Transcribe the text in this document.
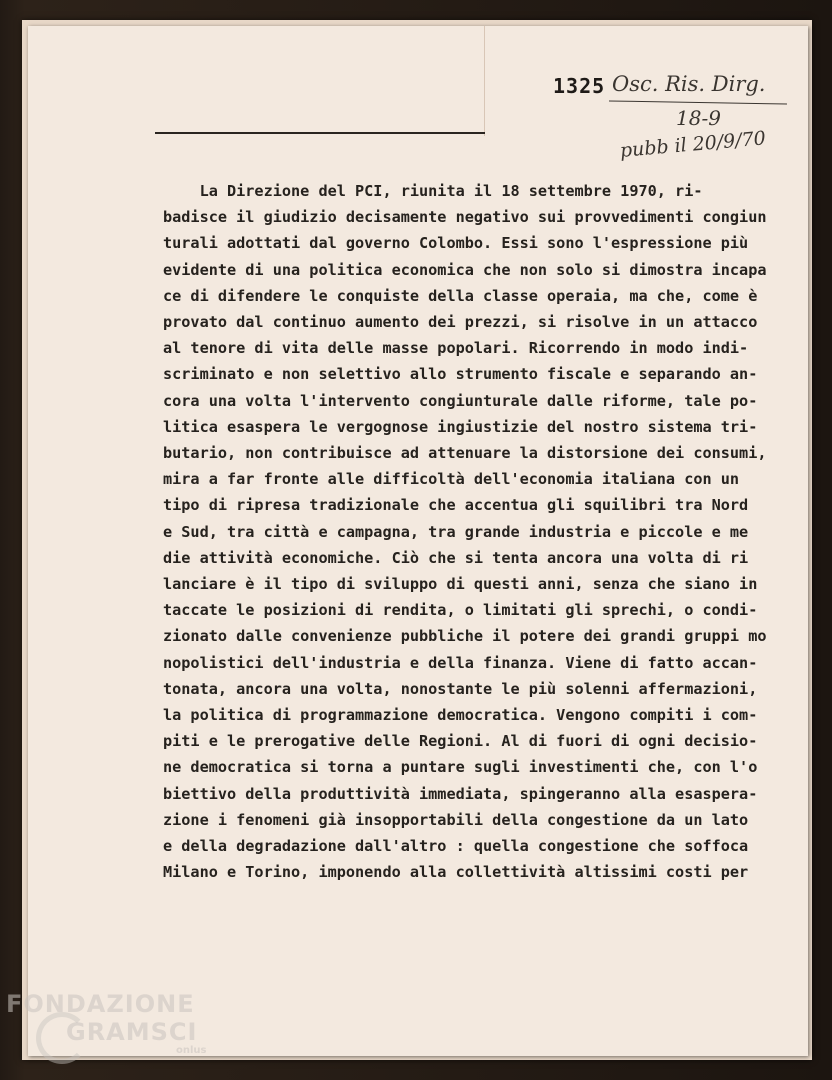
1325 Osc. Ris. Dirg.
18-9
pubb il 20/9/70
La Direzione del PCI, riunita il 18 settembre 1970, ri-
badisce il giudizio decisamente negativo sui provvedimenti congiun
turali adottati dal governo Colombo. Essi sono l'espressione più
evidente di una politica economica che non solo si dimostra incapa
ce di difendere le conquiste della classe operaia, ma che, come è
provato dal continuo aumento dei prezzi, si risolve in un attacco
al tenore di vita delle masse popolari. Ricorrendo in modo indi-
scriminato e non selettivo allo strumento fiscale e separando an-
cora una volta l'intervento congiunturale dalle riforme, tale po-
litica esaspera le vergognose ingiustizie del nostro sistema tri-
butario, non contribuisce ad attenuare la distorsione dei consumi,
mira a far fronte alle difficoltà dell'economia italiana con un
tipo di ripresa tradizionale che accentua gli squilibri tra Nord
e Sud, tra città e campagna, tra grande industria e piccole e me
die attività economiche. Ciò che si tenta ancora una volta di ri
lanciare è il tipo di sviluppo di questi anni, senza che siano in
taccate le posizioni di rendita, o limitati gli sprechi, o condi-
zionato dalle convenienze pubbliche il potere dei grandi gruppi mo
nopolistici dell'industria e della finanza. Viene di fatto accan-
tonata, ancora una volta, nonostante le più solenni affermazioni,
la politica di programmazione democratica. Vengono compiti i com-
piti e le prerogative delle Regioni. Al di fuori di ogni decisio-
ne democratica si torna a puntare sugli investimenti che, con l'o
biettivo della produttività immediata, spingeranno alla esaspera-
zione i fenomeni già insopportabili della congestione da un lato
e della degradazione dall'altro : quella congestione che soffoca
Milano e Torino, imponendo alla collettività altissimi costi per
FONDAZIONE
GRAMSCI
onlus
